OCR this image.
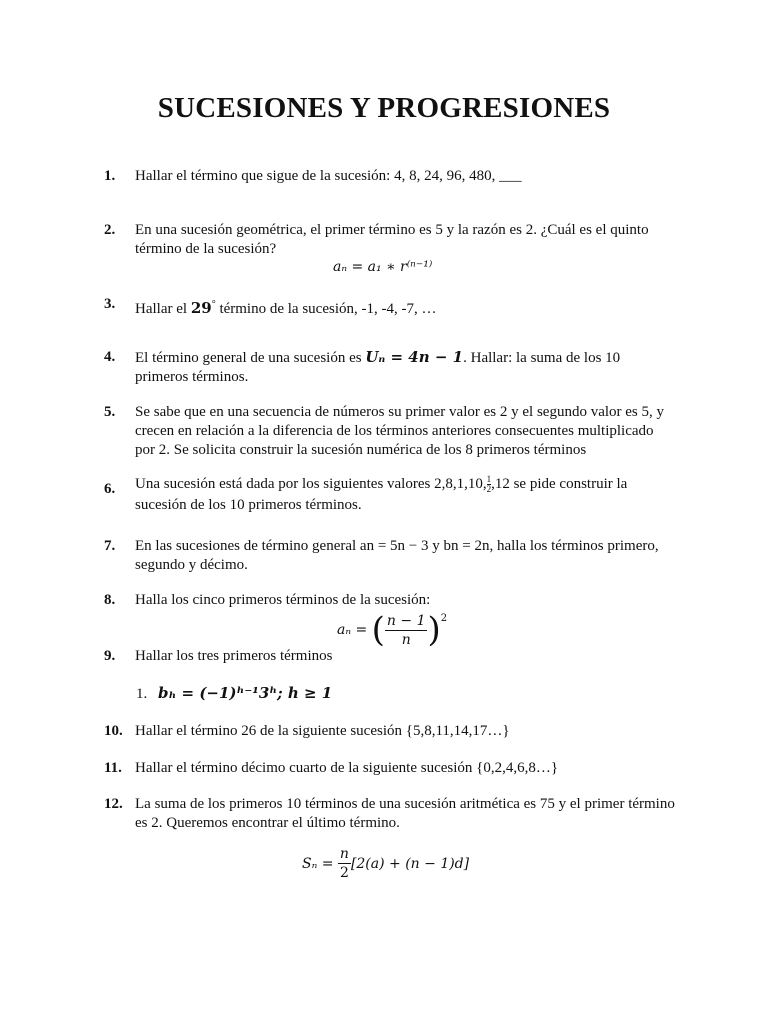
SUCESIONES Y PROGRESIONES
1.	Hallar el término que sigue de la sucesión: 4, 8, 24, 96, 480, ___
2.	En una sucesión geométrica, el primer término es 5 y la razón es 2. ¿Cuál es el quinto término de la sucesión?
aₙ = a₁ ∗ r⁽ⁿ⁻¹⁾
3.	Hallar el 29° término de la sucesión, -1, -4, -7, …
4.	El término general de una sucesión es Uₙ = 4n − 1. Hallar: la suma de los 10 primeros términos.
5.	Se sabe que en una secuencia de números su primer valor es 2 y el segundo valor es 5, y crecen en relación a la diferencia de los términos anteriores consecuentes multiplicado por 2. Se solicita construir la sucesión numérica de los 8 primeros términos
6.	Una sucesión está dada por los siguientes valores 2,8,1,10, $\frac{1}{2} ,12$ se pide construir la sucesión de los 10 primeros términos.
7.	En las sucesiones de término general an = 5n − 3 y bn = 2n, halla los términos primero, segundo y décimo.
8.	Halla los cinco primeros términos de la sucesión:
aₙ =
( $\frac{n - 1}{n} )^2$
9.	Hallar los tres primeros términos
1. bₕ = (−1)ʰ⁻¹3ʰ; h ≥ 1
10. Hallar el término 26 de la siguiente sucesión {5,8,11,14,17…}
11. Hallar el término décimo cuarto de la siguiente sucesión {0,2,4,6,8…}
12. La suma de los primeros 10 términos de una sucesión aritmética es 75 y el primer término es 2. Queremos encontrar el último término.
Sₙ =
$\frac{n}{2} [2(a) + (n - 1)d]$
